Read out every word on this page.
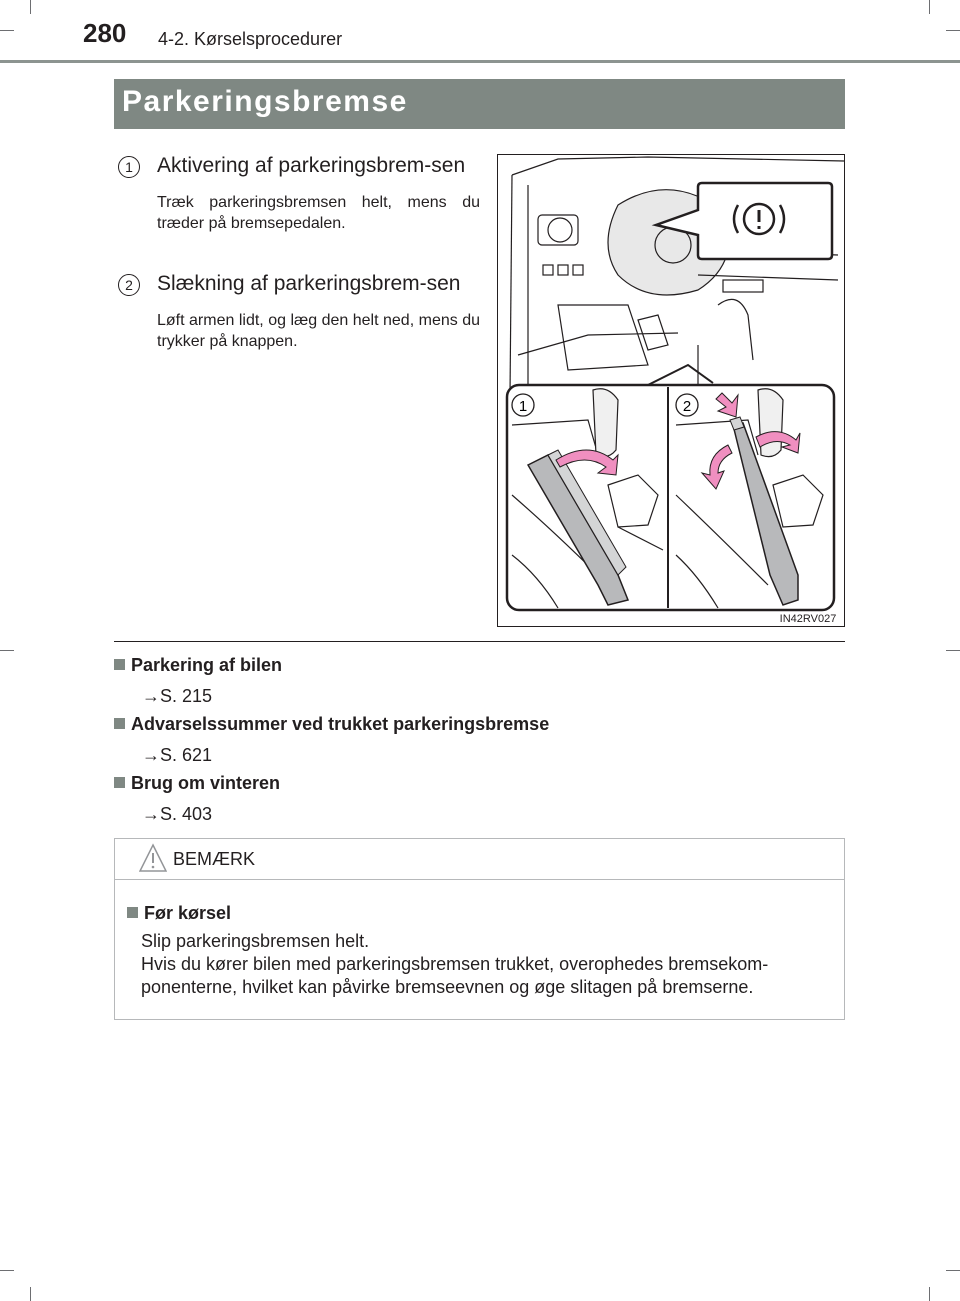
280 4-2. Kørselsprocedurer
Parkeringsbremse
1	Aktivering af parkeringsbrem-sen
Træk parkeringsbremsen helt, mens du træder på bremsepedalen.
2	Slækning af parkeringsbrem-sen
Løft armen lidt, og læg den helt ned, mens du trykker på knappen.
1	2
IN42RV027
Parkering af bilen
→S. 215
Advarselssummer ved trukket parkeringsbremse
→S. 621
Brug om vinteren
→S. 403
BEMÆRK
Før kørsel
Slip parkeringsbremsen helt.
Hvis du kører bilen med parkeringsbremsen trukket, overophedes bremsekom-
ponenterne, hvilket kan påvirke bremseevnen og øge slitagen på bremserne.
